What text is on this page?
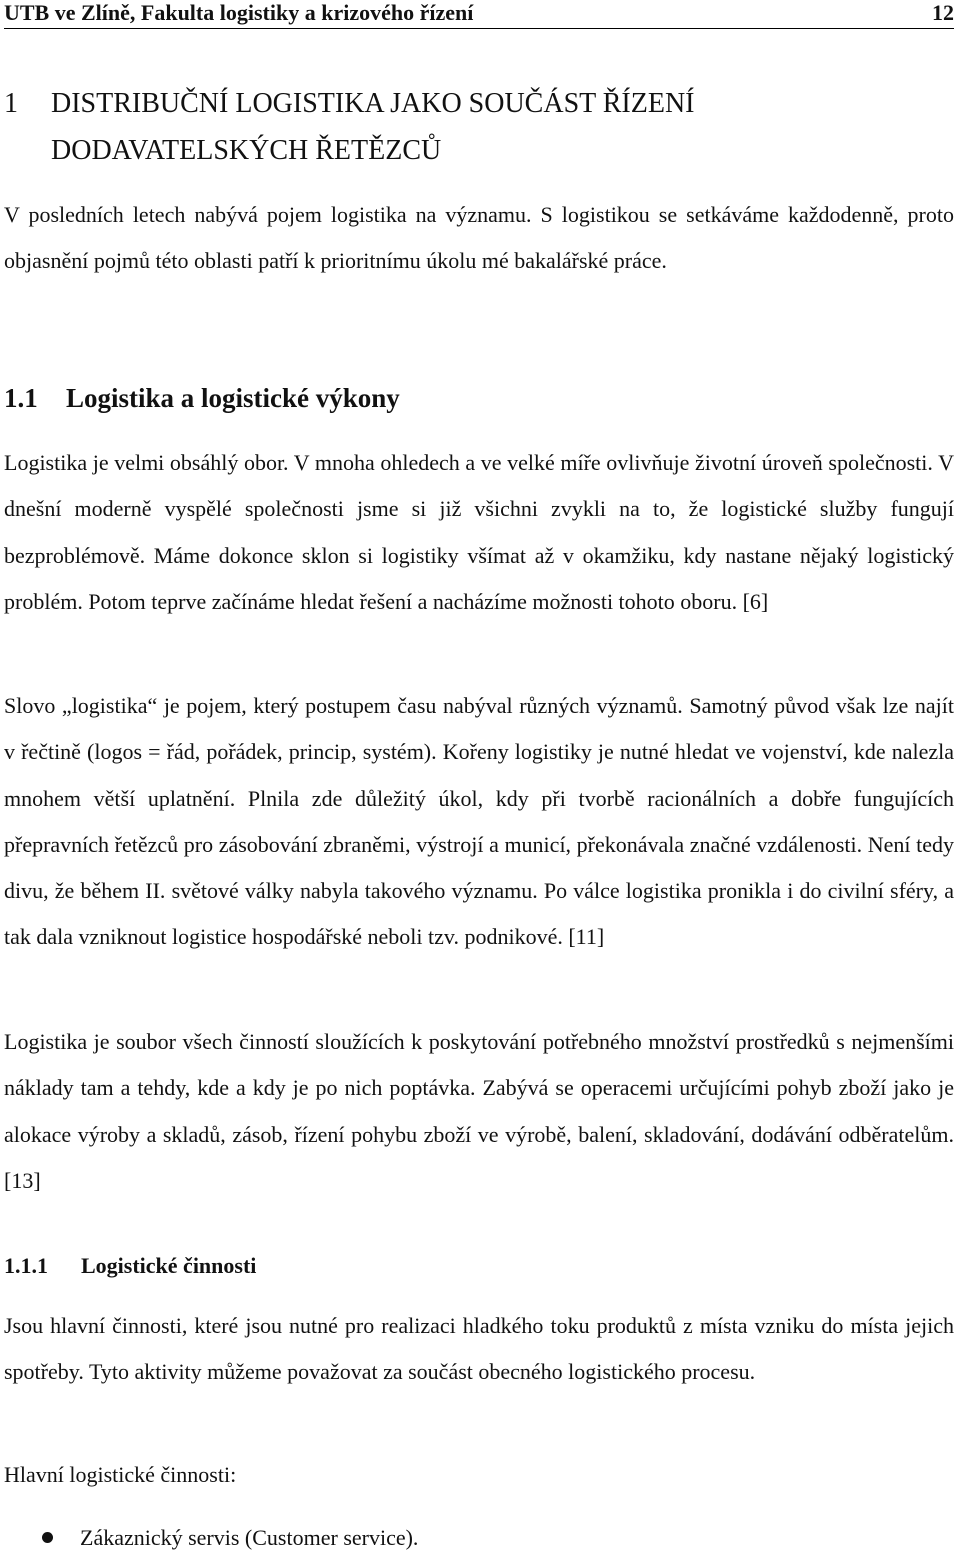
UTB ve Zlíně, Fakulta logistiky a krizového řízení	12
1 DISTRIBUČNÍ LOGISTIKA JAKO SOUČÁST ŘÍZENÍ DODAVATELSKÝCH ŘETĚZCŮ

V posledních letech nabývá pojem logistika na významu. S logistikou se setkáváme každodenně, proto objasnění pojmů této oblasti patří k prioritnímu úkolu mé bakalářské práce.

1.1 Logistika a logistické výkony

Logistika je velmi obsáhlý obor. V mnoha ohledech a ve velké míře ovlivňuje životní úroveň společnosti. V dnešní moderně vyspělé společnosti jsme si již všichni zvykli na to, že logistické služby fungují bezproblémově. Máme dokonce sklon si logistiky všímat až v okamžiku, kdy nastane nějaký logistický problém. Potom teprve začínáme hledat řešení a nacházíme možnosti tohoto oboru. [6]

Slovo „logistika“ je pojem, který postupem času nabýval různých významů. Samotný původ však lze najít v řečtině (logos = řád, pořádek, princip, systém). Kořeny logistiky je nutné hledat ve vojenství, kde nalezla mnohem větší uplatnění. Plnila zde důležitý úkol, kdy při tvorbě racionálních a dobře fungujících přepravních řetězců pro zásobování zbraněmi, výstrojí a municí, překonávala značné vzdálenosti. Není tedy divu, že během II. světové války nabyla takového významu. Po válce logistika pronikla i do civilní sféry, a tak dala vzniknout logistice hospodářské neboli tzv. podnikové. [11]

Logistika je soubor všech činností sloužících k poskytování potřebného množství prostředků s nejmenšími náklady tam a tehdy, kde a kdy je po nich poptávka. Zabývá se operacemi určujícími pohyb zboží jako je alokace výroby a skladů, zásob, řízení pohybu zboží ve výrobě, balení, skladování, dodávání odběratelům. [13]

1.1.1 Logistické činnosti

Jsou hlavní činnosti, které jsou nutné pro realizaci hladkého toku produktů z místa vzniku do místa jejich spotřeby. Tyto aktivity můžeme považovat za součást obecného logistického procesu.

Hlavní logistické činnosti:

Zákaznický servis (Customer service).
